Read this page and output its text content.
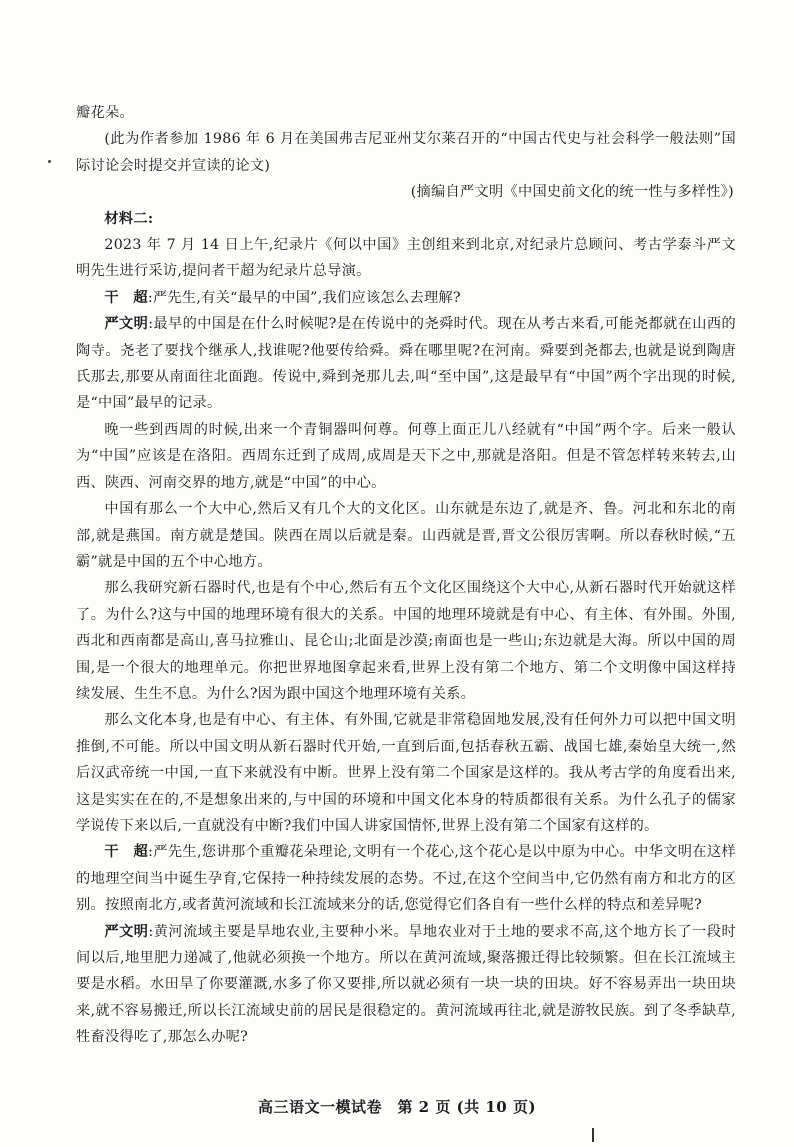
瓣花朵。

(此为作者参加 1986 年 6 月在美国弗吉尼亚州艾尔莱召开的“中国古代史与社会科学一般法则”国际讨论会时提交并宣读的论文)

(摘编自严文明《中国史前文化的统一性与多样性》)

材料二:

2023 年 7 月 14 日上午,纪录片《何以中国》主创组来到北京,对纪录片总顾问、考古学泰斗严文明先生进行采访,提问者干超为纪录片总导演。

干　超:严先生,有关“最早的中国”,我们应该怎么去理解?

严文明:最早的中国是在什么时候呢?是在传说中的尧舜时代。现在从考古来看,可能尧都就在山西的陶寺。尧老了要找个继承人,找谁呢?他要传给舜。舜在哪里呢?在河南。舜要到尧都去,也就是说到陶唐氏那去,那要从南面往北面跑。传说中,舜到尧那儿去,叫“至中国”,这是最早有“中国”两个字出现的时候,是“中国”最早的记录。

晚一些到西周的时候,出来一个青铜器叫何尊。何尊上面正儿八经就有“中国”两个字。后来一般认为“中国”应该是在洛阳。西周东迁到了成周,成周是天下之中,那就是洛阳。但是不管怎样转来转去,山西、陕西、河南交界的地方,就是“中国”的中心。

中国有那么一个大中心,然后又有几个大的文化区。山东就是东边了,就是齐、鲁。河北和东北的南部,就是燕国。南方就是楚国。陕西在周以后就是秦。山西就是晋,晋文公很厉害啊。所以春秋时候,“五霸”就是中国的五个中心地方。

那么我研究新石器时代,也是有个中心,然后有五个文化区围绕这个大中心,从新石器时代开始就这样了。为什么?这与中国的地理环境有很大的关系。中国的地理环境就是有中心、有主体、有外围。外围,西北和西南都是高山,喜马拉雅山、昆仑山;北面是沙漠;南面也是一些山;东边就是大海。所以中国的周围,是一个很大的地理单元。你把世界地图拿起来看,世界上没有第二个地方、第二个文明像中国这样持续发展、生生不息。为什么?因为跟中国这个地理环境有关系。

那么文化本身,也是有中心、有主体、有外围,它就是非常稳固地发展,没有任何外力可以把中国文明推倒,不可能。所以中国文明从新石器时代开始,一直到后面,包括春秋五霸、战国七雄,秦始皇大统一,然后汉武帝统一中国,一直下来就没有中断。世界上没有第二个国家是这样的。我从考古学的角度看出来,这是实实在在的,不是想象出来的,与中国的环境和中国文化本身的特质都很有关系。为什么孔子的儒家学说传下来以后,一直就没有中断?我们中国人讲家国情怀,世界上没有第二个国家有这样的。

干　超:严先生,您讲那个重瓣花朵理论,文明有一个花心,这个花心是以中原为中心。中华文明在这样的地理空间当中诞生孕育,它保持一种持续发展的态势。不过,在这个空间当中,它仍然有南方和北方的区别。按照南北方,或者黄河流域和长江流域来分的话,您觉得它们各自有一些什么样的特点和差异呢?

严文明:黄河流域主要是旱地农业,主要种小米。旱地农业对于土地的要求不高,这个地方长了一段时间以后,地里肥力递减了,他就必须换一个地方。所以在黄河流域,聚落搬迁得比较频繁。但在长江流域主要是水稻。水田旱了你要灌溉,水多了你又要排,所以就必须有一块一块的田块。好不容易弄出一块田块来,就不容易搬迁,所以长江流域史前的居民是很稳定的。黄河流域再往北,就是游牧民族。到了冬季缺草,牲畜没得吃了,那怎么办呢?

高三语文一模试卷　第 2 页 (共 10 页)
